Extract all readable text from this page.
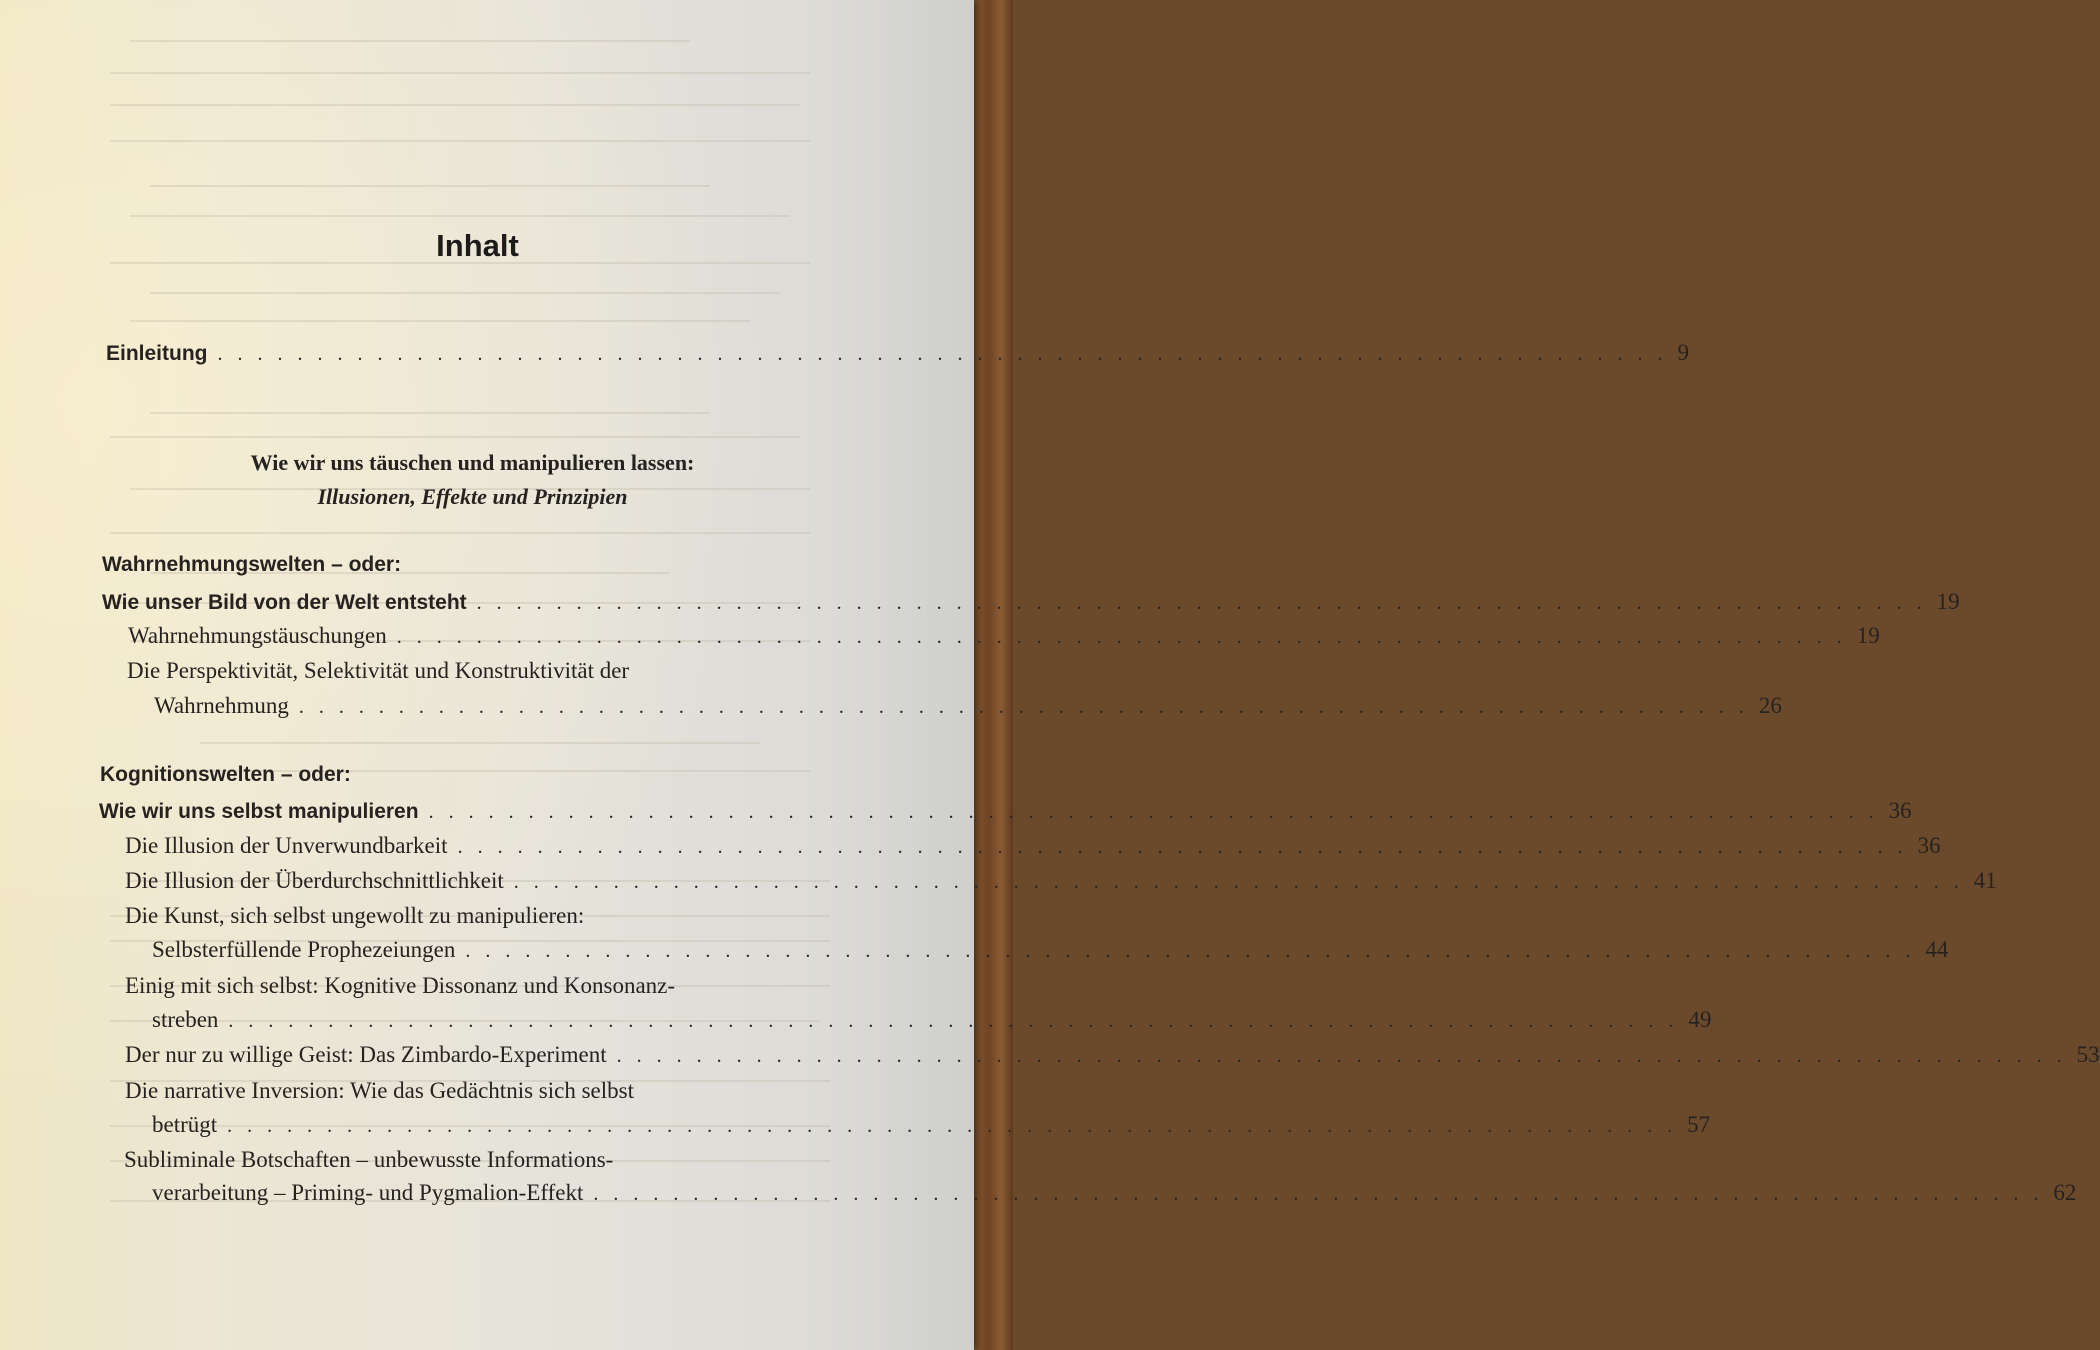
Inhalt
Einleitung . . . . . . . . . . . . . . . . . . . . . . . . . . . . . . . . . . . . . . . . . . . . . . . . . . . . . . . . . . . . . . . . . . . . . . . . . 9
Wie wir uns täuschen und manipulieren lassen:
Illusionen, Effekte und Prinzipien
Wahrnehmungswelten – oder:
Wie unser Bild von der Welt entsteht . . . . . . . . . . . . . . . . . . . . . . . . . . . . . . . . . . . . . . . . . . . . . . . . . . . . . . . . . . . . . . . . . . . . . . . . . 19
Wahrnehmungstäuschungen . . . . . . . . . . . . . . . . . . . . . . . . . . . . . . . . . . . . . . . . . . . . . . . . . . . . . . . . . . . . . . . . . . . . . . . . . 19
Die Perspektivität, Selektivität und Konstruktivität der
Wahrnehmung . . . . . . . . . . . . . . . . . . . . . . . . . . . . . . . . . . . . . . . . . . . . . . . . . . . . . . . . . . . . . . . . . . . . . . . . . 26
Kognitionswelten – oder:
Wie wir uns selbst manipulieren . . . . . . . . . . . . . . . . . . . . . . . . . . . . . . . . . . . . . . . . . . . . . . . . . . . . . . . . . . . . . . . . . . . . . . . . . 36
Die Illusion der Unverwundbarkeit . . . . . . . . . . . . . . . . . . . . . . . . . . . . . . . . . . . . . . . . . . . . . . . . . . . . . . . . . . . . . . . . . . . . . . . . . 36
Die Illusion der Überdurchschnittlichkeit . . . . . . . . . . . . . . . . . . . . . . . . . . . . . . . . . . . . . . . . . . . . . . . . . . . . . . . . . . . . . . . . . . . . . . . . . 41
Die Kunst, sich selbst ungewollt zu manipulieren:
Selbsterfüllende Prophezeiungen . . . . . . . . . . . . . . . . . . . . . . . . . . . . . . . . . . . . . . . . . . . . . . . . . . . . . . . . . . . . . . . . . . . . . . . . . 44
Einig mit sich selbst: Kognitive Dissonanz und Konsonanz-
streben . . . . . . . . . . . . . . . . . . . . . . . . . . . . . . . . . . . . . . . . . . . . . . . . . . . . . . . . . . . . . . . . . . . . . . . . . 49
Der nur zu willige Geist: Das Zimbardo-Experiment . . . . . . . . . . . . . . . . . . . . . . . . . . . . . . . . . . . . . . . . . . . . . . . . . . . . . . . . . . . . . . . . . . . . . . . . . 53
Die narrative Inversion: Wie das Gedächtnis sich selbst
betrügt . . . . . . . . . . . . . . . . . . . . . . . . . . . . . . . . . . . . . . . . . . . . . . . . . . . . . . . . . . . . . . . . . . . . . . . . . 57
Subliminale Botschaften – unbewusste Informations-
verarbeitung – Priming- und Pygmalion-Effekt . . . . . . . . . . . . . . . . . . . . . . . . . . . . . . . . . . . . . . . . . . . . . . . . . . . . . . . . . . . . . . . . . . . . . . . . . 62
